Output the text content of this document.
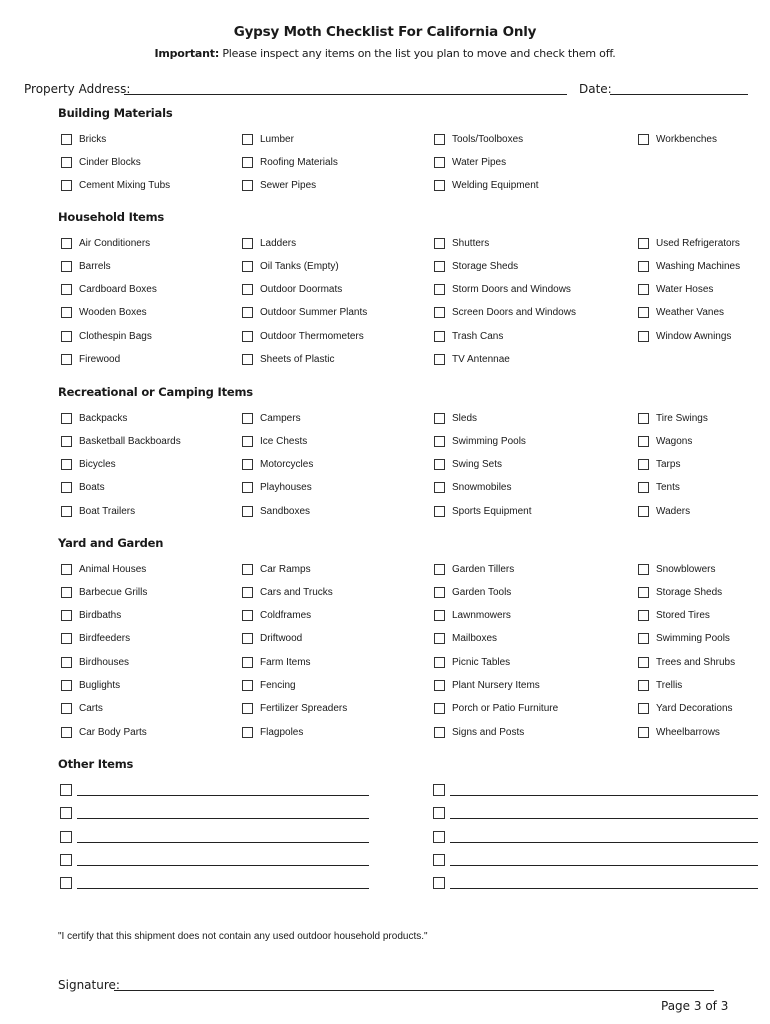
Gypsy Moth Checklist For California Only
Important: Please inspect any items on the list you plan to move and check them off.
Property Address:	Date:
Building Materials
Bricks
Cinder Blocks
Cement Mixing Tubs
Lumber
Roofing Materials
Sewer Pipes
Tools/Toolboxes
Water Pipes
Welding Equipment
Workbenches
Household Items
Air Conditioners
Barrels
Cardboard Boxes
Wooden Boxes
Clothespin Bags
Firewood
Ladders
Oil Tanks (Empty)
Outdoor Doormats
Outdoor Summer Plants
Outdoor Thermometers
Sheets of Plastic
Shutters
Storage Sheds
Storm Doors and Windows
Screen Doors and Windows
Trash Cans
TV Antennae
Used Refrigerators
Washing Machines
Water Hoses
Weather Vanes
Window Awnings
Recreational or Camping Items
Backpacks
Basketball Backboards
Bicycles
Boats
Boat Trailers
Campers
Ice Chests
Motorcycles
Playhouses
Sandboxes
Sleds
Swimming Pools
Swing Sets
Snowmobiles
Sports Equipment
Tire Swings
Wagons
Tarps
Tents
Waders
Yard and Garden
Animal Houses
Barbecue Grills
Birdbaths
Birdfeeders
Birdhouses
Buglights
Carts
Car Body Parts
Car Ramps
Cars and Trucks
Coldframes
Driftwood
Farm Items
Fencing
Fertilizer Spreaders
Flagpoles
Garden Tillers
Garden Tools
Lawnmowers
Mailboxes
Picnic Tables
Plant Nursery Items
Porch or Patio Furniture
Signs and Posts
Snowblowers
Storage Sheds
Stored Tires
Swimming Pools
Trees and Shrubs
Trellis
Yard Decorations
Wheelbarrows
Other Items
"I certify that this shipment does not contain any used outdoor household products."
Signature:
Page 3 of 3
